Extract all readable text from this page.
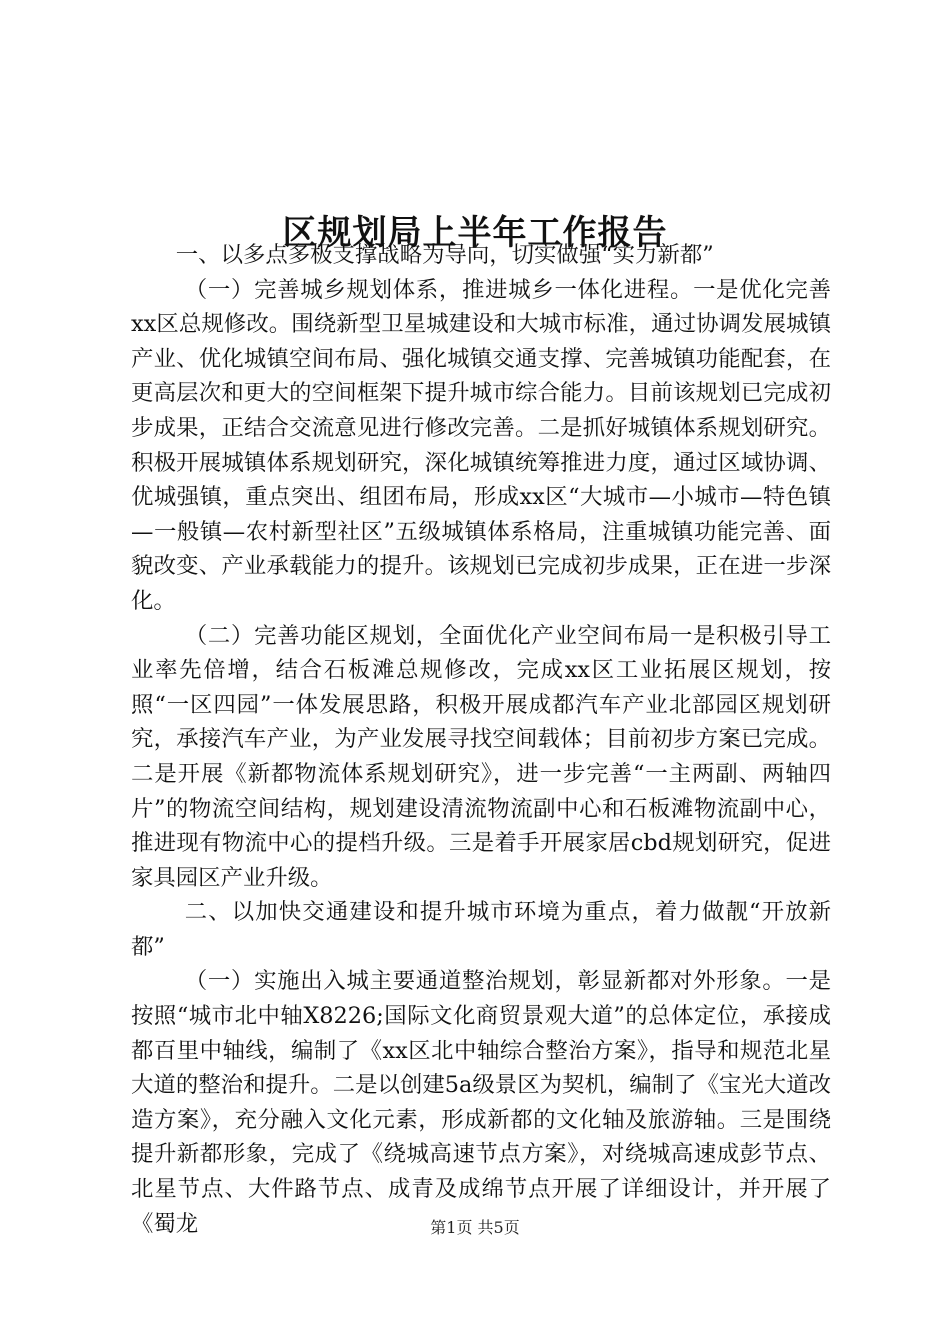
区规划局上半年工作报告

一、以多点多极支撑战略为导向，切实做强“实力新都”

（一）完善城乡规划体系，推进城乡一体化进程。一是优化完善xx区总规修改。围绕新型卫星城建设和大城市标准，通过协调发展城镇产业、优化城镇空间布局、强化城镇交通支撑、完善城镇功能配套，在更高层次和更大的空间框架下提升城市综合能力。目前该规划已完成初步成果，正结合交流意见进行修改完善。二是抓好城镇体系规划研究。积极开展城镇体系规划研究，深化城镇统筹推进力度，通过区域协调、优城强镇，重点突出、组团布局，形成xx区“大城市—小城市—特色镇—一般镇—农村新型社区”五级城镇体系格局，注重城镇功能完善、面貌改变、产业承载能力的提升。该规划已完成初步成果，正在进一步深化。

（二）完善功能区规划，全面优化产业空间布局一是积极引导工业率先倍增，结合石板滩总规修改，完成xx区工业拓展区规划，按照“一区四园”一体发展思路，积极开展成都汽车产业北部园区规划研究，承接汽车产业，为产业发展寻找空间载体；目前初步方案已完成。二是开展《新都物流体系规划研究》，进一步完善“一主两副、两轴四片”的物流空间结构，规划建设清流物流副中心和石板滩物流副中心，推进现有物流中心的提档升级。三是着手开展家居cbd规划研究，促进家具园区产业升级。

二、以加快交通建设和提升城市环境为重点，着力做靓“开放新都”

（一）实施出入城主要通道整治规划，彰显新都对外形象。一是按照“城市北中轴X8226;国际文化商贸景观大道”的总体定位，承接成都百里中轴线，编制了《xx区北中轴综合整治方案》，指导和规范北星大道的整治和提升。二是以创建5a级景区为契机，编制了《宝光大道改造方案》，充分融入文化元素，形成新都的文化轴及旅游轴。三是围绕提升新都形象，完成了《绕城高速节点方案》，对绕城高速成彭节点、北星节点、大件路节点、成青及成绵节点开展了详细设计，并开展了《蜀龙	第1页 共5页
